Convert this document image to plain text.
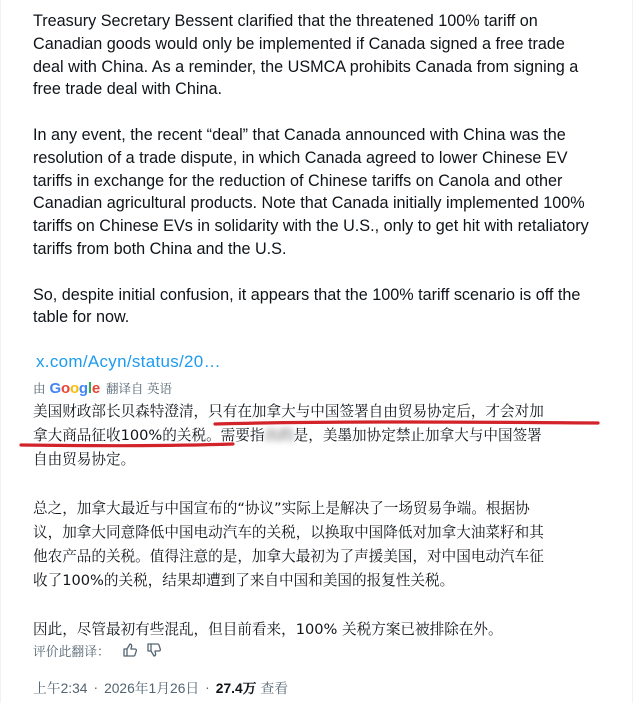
Treasury Secretary Bessent clarified that the threatened 100% tariff on
Canadian goods would only be implemented if Canada signed a free trade
deal with China. As a reminder, the USMCA prohibits Canada from signing a
free trade deal with China.

In any event, the recent “deal” that Canada announced with China was the
resolution of a trade dispute, in which Canada agreed to lower Chinese EV
tariffs in exchange for the reduction of Chinese tariffs on Canola and other
Canadian agricultural products. Note that Canada initially implemented 100%
tariffs on Chinese EVs in solidarity with the U.S., only to get hit with retaliatory
tariffs from both China and the U.S.

So, despite initial confusion, it appears that the 100% tariff scenario is off the
table for now.

x.com/Acyn/status/20…
由 Google 翻译自 英语
美国财政部长贝森特澄清，只有在加拿大与中国签署自由贸易协定后，才会对加
拿大商品征收100%的关税。需要指出的是，美墨加协定禁止加拿大与中国签署
自由贸易协定。
总之，加拿大最近与中国宣布的“协议”实际上是解决了一场贸易争端。根据协
议，加拿大同意降低中国电动汽车的关税，以换取中国降低对加拿大油菜籽和其
他农产品的关税。值得注意的是，加拿大最初为了声援美国，对中国电动汽车征
收了100%的关税，结果却遭到了来自中国和美国的报复性关税。
因此，尽管最初有些混乱，但目前看来，100% 关税方案已被排除在外。
评价此翻译：
上午2:34 · 2026年1月26日 · 27.4万 查看
